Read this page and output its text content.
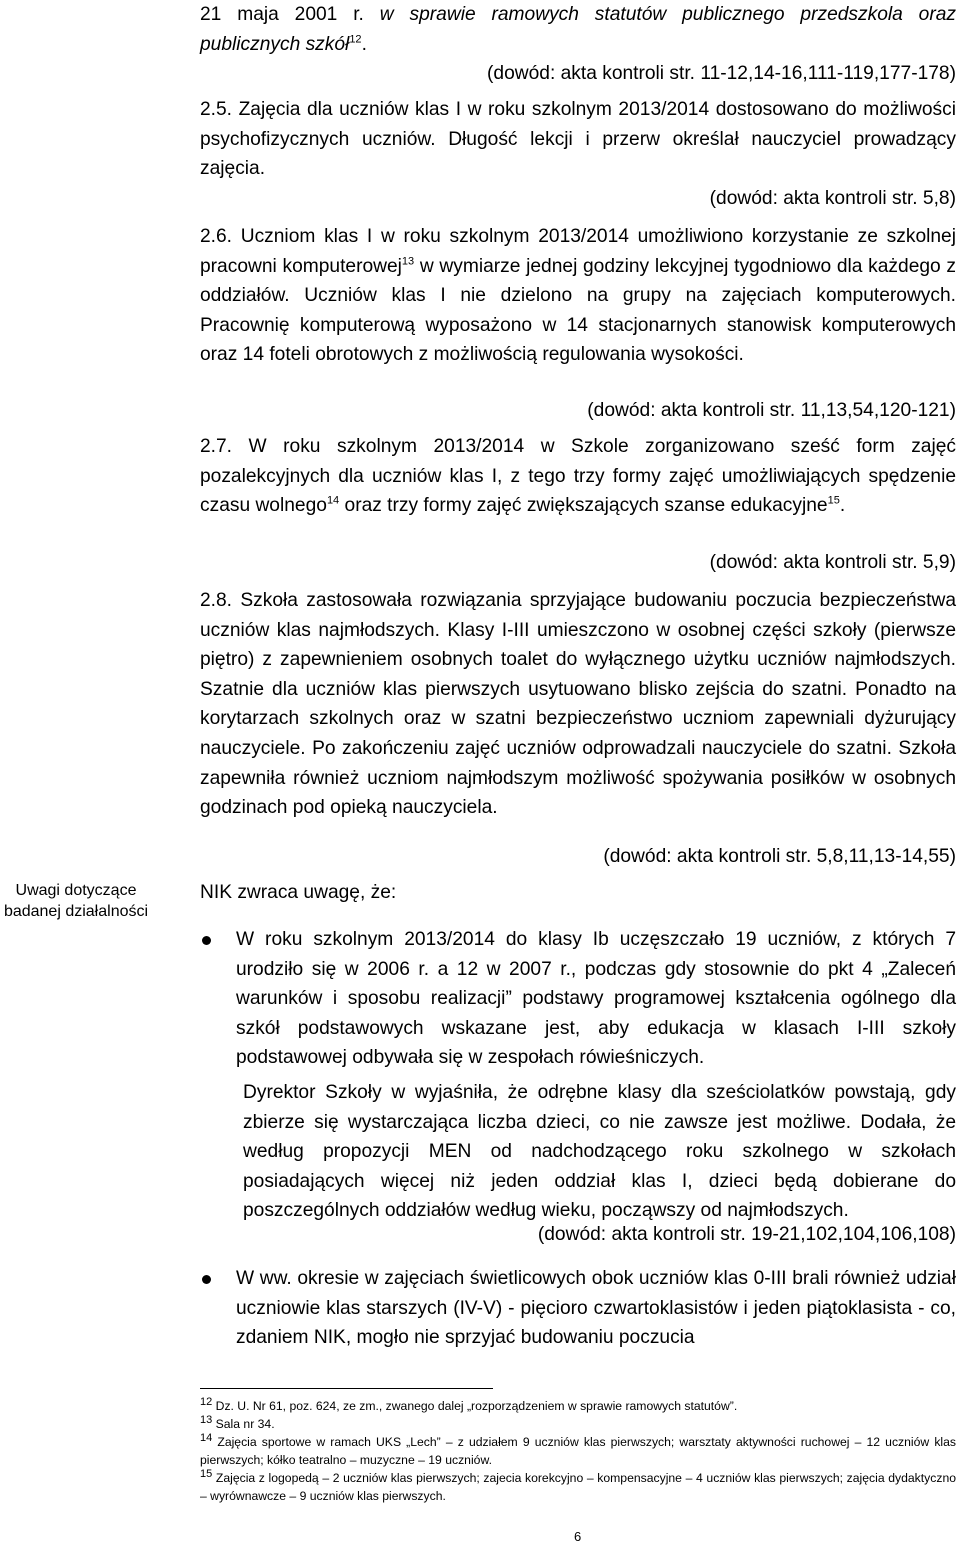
21 maja 2001 r. w sprawie ramowych statutów publicznego przedszkola oraz publicznych szkół$^{12}$.

(dowód: akta kontroli str. 11-12,14-16,111-119,177-178)

2.5. Zajęcia dla uczniów klas I w roku szkolnym 2013/2014 dostosowano do możliwości psychofizycznych uczniów. Długość lekcji i przerw określał nauczyciel prowadzący zajęcia.

(dowód: akta kontroli str. 5,8)

2.6. Uczniom klas I w roku szkolnym 2013/2014 umożliwiono korzystanie ze szkolnej pracowni komputerowej$^{13}$ w wymiarze jednej godziny lekcyjnej tygodniowo dla każdego z oddziałów. Uczniów klas I nie dzielono na grupy na zajęciach komputerowych. Pracownię komputerową wyposażono w 14 stacjonarnych stanowisk komputerowych oraz 14 foteli obrotowych z możliwością regulowania wysokości.

(dowód: akta kontroli str. 11,13,54,120-121)

2.7. W roku szkolnym 2013/2014 w Szkole zorganizowano sześć form zajęć pozalekcyjnych dla uczniów klas I, z tego trzy formy zajęć umożliwiających spędzenie czasu wolnego$^{14}$ oraz trzy formy zajęć zwiększających szanse edukacyjne$^{15}$.

(dowód: akta kontroli str. 5,9)

2.8. Szkoła zastosowała rozwiązania sprzyjające budowaniu poczucia bezpieczeństwa uczniów klas najmłodszych. Klasy I-III umieszczono w osobnej części szkoły (pierwsze piętro) z zapewnieniem osobnych toalet do wyłącznego użytku uczniów najmłodszych. Szatnie dla uczniów klas pierwszych usytuowano blisko zejścia do szatni. Ponadto na korytarzach szkolnych oraz w szatni bezpieczeństwo uczniom zapewniali dyżurujący nauczyciele. Po zakończeniu zajęć uczniów odprowadzali nauczyciele do szatni. Szkoła zapewniła również uczniom najmłodszym możliwość spożywania posiłków w osobnych godzinach pod opieką nauczyciela.

(dowód: akta kontroli str. 5,8,11,13-14,55)

Uwagi dotyczące badanej działalności
NIK zwraca uwagę, że:

W roku szkolnym 2013/2014 do klasy Ib uczęszczało 19 uczniów, z których 7 urodziło się w 2006 r. a 12 w 2007 r., podczas gdy stosownie do pkt 4 „Zaleceń warunków i sposobu realizacji” podstawy programowej kształcenia ogólnego dla szkół podstawowych wskazane jest, aby edukacja w klasach I-III szkoły podstawowej odbywała się w zespołach rówieśniczych.

Dyrektor Szkoły w wyjaśniła, że odrębne klasy dla sześciolatków powstają, gdy zbierze się wystarczająca liczba dzieci, co nie zawsze jest możliwe. Dodała, że według propozycji MEN od nadchodzącego roku szkolnego w szkołach posiadających więcej niż jeden oddział klas I, dzieci będą dobierane do poszczególnych oddziałów według wieku, począwszy od najmłodszych.

(dowód: akta kontroli str. 19-21,102,104,106,108)

W ww. okresie w zajęciach świetlicowych obok uczniów klas 0-III brali również udział uczniowie klas starszych (IV-V) - pięcioro czwartoklasistów i jeden piątoklasista - co, zdaniem NIK, mogło nie sprzyjać budowaniu poczucia

$^{12}$ Dz. U. Nr 61, poz. 624, ze zm., zwanego dalej „rozporządzeniem w sprawie ramowych statutów”.

$^{13}$ Sala nr 34.

$^{14}$ Zajęcia sportowe w ramach UKS „Lech” – z udziałem 9 uczniów klas pierwszych; warsztaty aktywności ruchowej – 12 uczniów klas pierwszych; kółko teatralno – muzyczne – 19 uczniów.

$^{15}$ Zajęcia z logopedą – 2 uczniów klas pierwszych; zajecia korekcyjno – kompensacyjne – 4 uczniów klas pierwszych; zajęcia dydaktyczno – wyrównawcze – 9 uczniów klas pierwszych.

6
